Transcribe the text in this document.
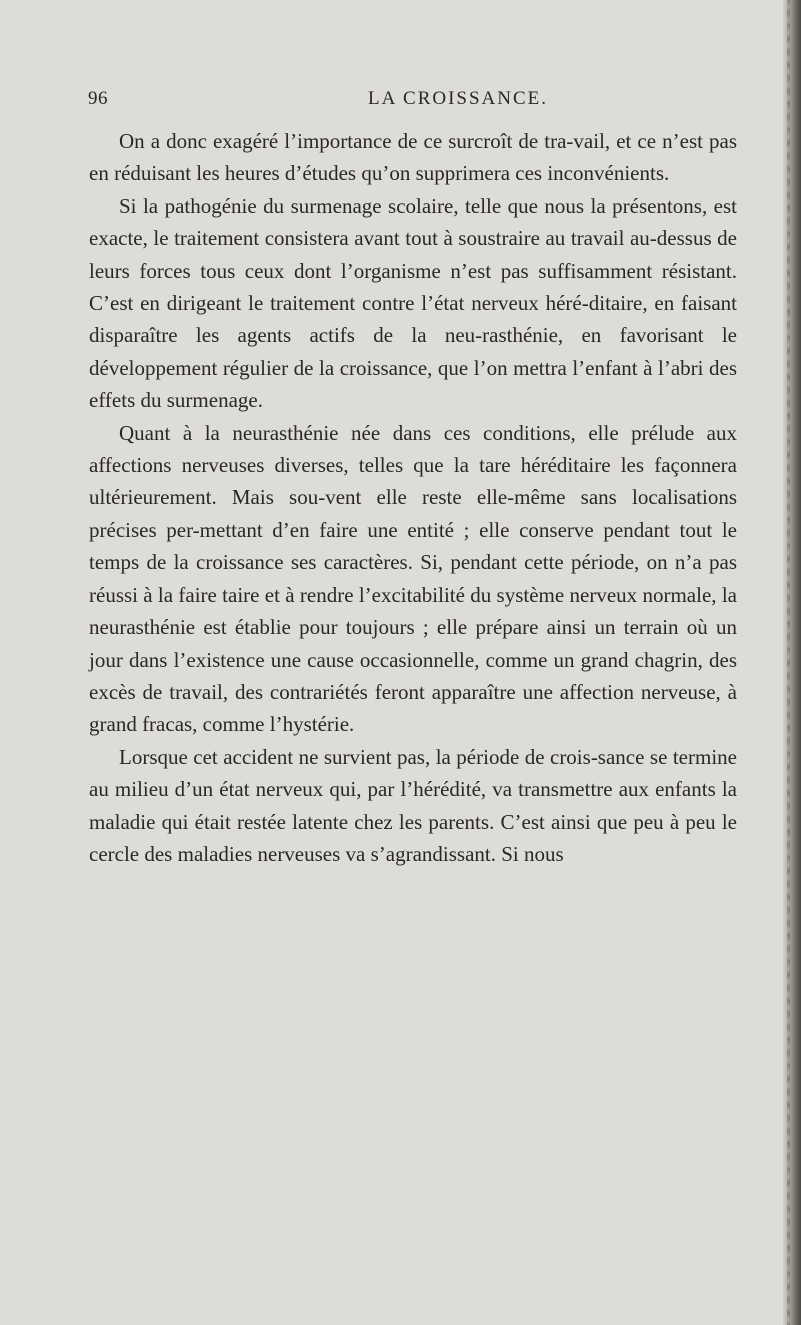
96	LA CROISSANCE.

On a donc exagéré l’importance de ce surcroît de tra-vail, et ce n’est pas en réduisant les heures d’études qu’on supprimera ces inconvénients.

Si la pathogénie du surmenage scolaire, telle que nous la présentons, est exacte, le traitement consistera avant tout à soustraire au travail au-dessus de leurs forces tous ceux dont l’organisme n’est pas suffisamment résistant. C’est en dirigeant le traitement contre l’état nerveux héré-ditaire, en faisant disparaître les agents actifs de la neu-rasthénie, en favorisant le développement régulier de la croissance, que l’on mettra l’enfant à l’abri des effets du surmenage.

Quant à la neurasthénie née dans ces conditions, elle prélude aux affections nerveuses diverses, telles que la tare héréditaire les façonnera ultérieurement. Mais sou-vent elle reste elle-même sans localisations précises per-mettant d’en faire une entité ; elle conserve pendant tout le temps de la croissance ses caractères. Si, pendant cette période, on n’a pas réussi à la faire taire et à rendre l’excitabilité du système nerveux normale, la neurasthénie est établie pour toujours ; elle prépare ainsi un terrain où un jour dans l’existence une cause occasionnelle, comme un grand chagrin, des excès de travail, des contrariétés feront apparaître une affection nerveuse, à grand fracas, comme l’hystérie.

Lorsque cet accident ne survient pas, la période de crois-sance se termine au milieu d’un état nerveux qui, par l’hérédité, va transmettre aux enfants la maladie qui était restée latente chez les parents. C’est ainsi que peu à peu le cercle des maladies nerveuses va s’agrandissant. Si nous
